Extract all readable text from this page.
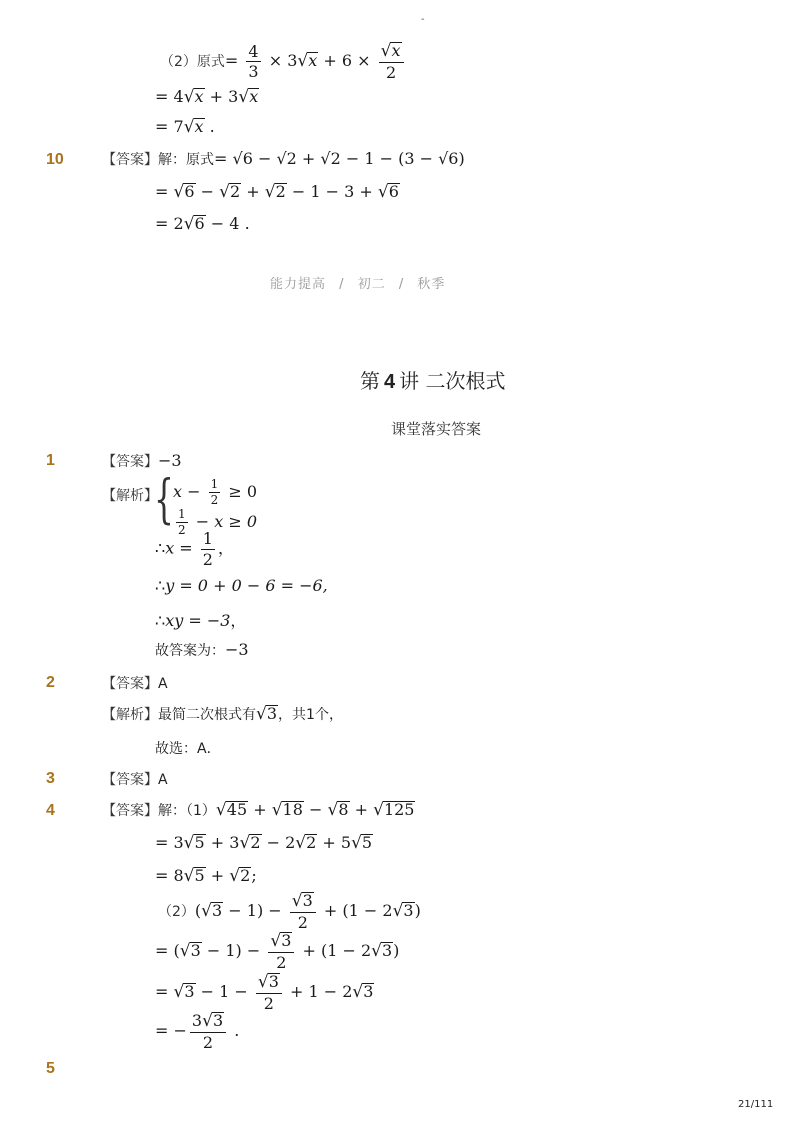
-
（2）原式= $\frac{4}{3} \times 3√x + 6 \times \frac{√x}{2}$
= 4√x + 3√x
= 7√x .
10	【答案】解：原式= √6 − √2 + √2 − 1 − (3 − √6)
= √6 − √2 + √2 − 1 − 3 + √6
= 2√6 − 4 .
能力提高 / 初二 / 秋季
第 4 讲 二次根式
课堂落实答案
1	【答案】−3
【解析】
{ $x - \frac{1}{2} \ge 0$
$\frac{1}{2} - x \ge 0$
∴x = $\frac{1}{2}$ ，
∴y = 0 + 0 − 6 = −6,
∴xy = −3，
故答案为：−3
2	【答案】A
【解析】最简二次根式有√3，共1个，
故选：A．
3	【答案】A
4	【答案】解：（1）√45 + √18 − √8 + √125
= 3√5 + 3√2 − 2√2 + 5√5
= 8√5 + √2;
$(2)(√3 - 1) - \frac{√3}{2} + (1 - 2√3)$
= $(√3 - 1) - \frac{√3}{2} + (1 - 2√3)$
= $√3 - 1 - \frac{√3}{2} + 1 - 2√3$
= − $\frac{3√3}{2}$ .
5
21/111
